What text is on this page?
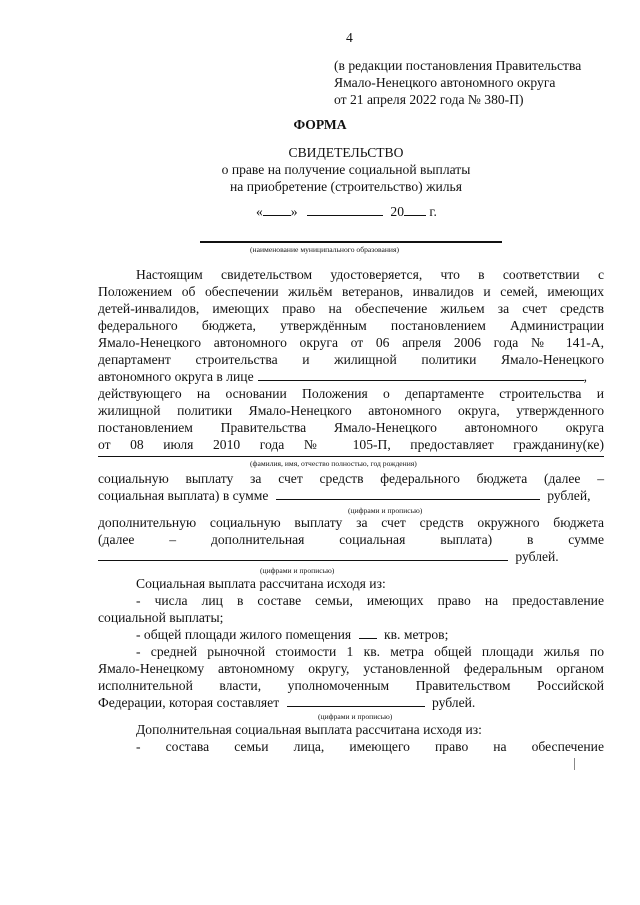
4
(в редакции постановления Правительства
Ямало-Ненецкого автономного округа
от 21 апреля 2022 года № 380-П)
ФОРМА
СВИДЕТЕЛЬСТВО
о праве на получение социальной выплаты
на приобретение (строительство) жилья
« »	20 г.
(наименование муниципального образования)
Настоящим свидетельством удостоверяется, что в соответствии с
Положением об обеспечении жильём ветеранов, инвалидов и семей, имеющих
детей-инвалидов, имеющих право на обеспечение жильем за счет средств
федерального бюджета, утверждённым постановлением Администрации
Ямало-Ненецкого автономного округа от 06 апреля 2006 года № 141-А,
департамент строительства и жилищной политики Ямало-Ненецкого
автономного округа в лице	,
действующего на основании Положения о департаменте строительства и
жилищной политики Ямало-Ненецкого автономного округа, утвержденного
постановлением Правительства Ямало-Ненецкого автономного округа
от 08 июля 2010 года № 105-П, предоставляет гражданину(ке)
(фамилия, имя, отчество полностью, год рождения)
социальную выплату за счет средств федерального бюджета (далее –
социальная выплата) в сумме	рублей,
(цифрами и прописью)
дополнительную социальную выплату за счет средств окружного бюджета
(далее – дополнительная социальная выплата) в сумме
рублей.
(цифрами и прописью)
Социальная выплата рассчитана исходя из:
- числа лиц в составе семьи, имеющих право на предоставление
социальной выплаты;
- общей площади жилого помещения кв. метров;
- средней рыночной стоимости 1 кв. метра общей площади жилья по
Ямало-Ненецкому автономному округу, установленной федеральным органом
исполнительной власти, уполномоченным Правительством Российской
Федерации, которая составляет	рублей.
(цифрами и прописью)
Дополнительная социальная выплата рассчитана исходя из:
- состава семьи лица, имеющего право на обеспечение
